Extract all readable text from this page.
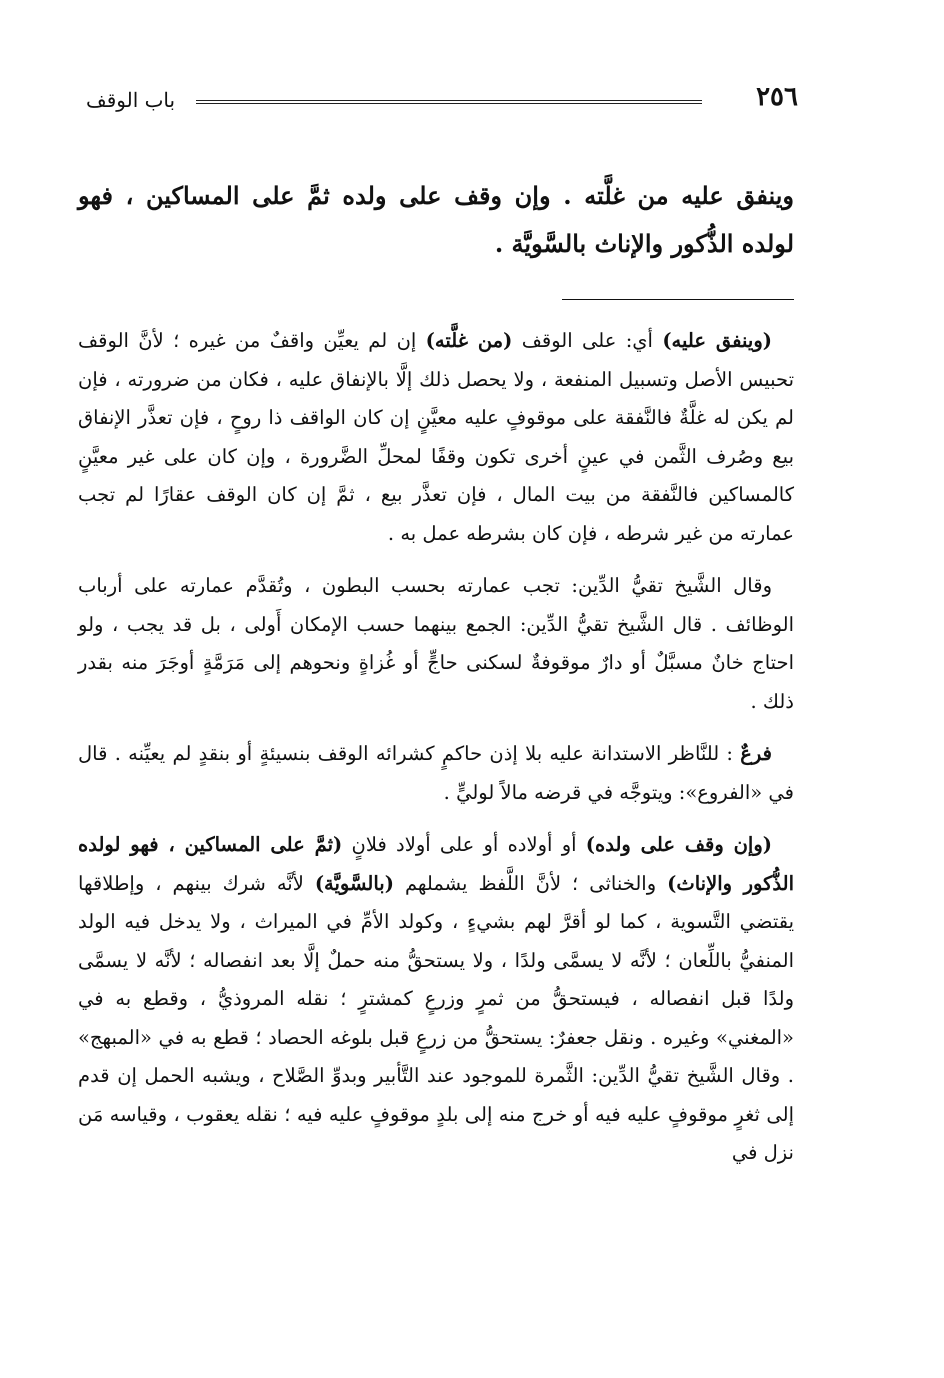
٢٥٦
باب الوقف
وينفق عليه من غلَّته . وإن وقف على ولده ثمَّ على المساكين ، فهو لولده الذُّكور والإناث بالسَّويَّة .

(وينفق عليه) أي: على الوقف (من غلَّته) إن لم يعيِّن واقفٌ من غيره ؛ لأنَّ الوقف تحبيس الأصل وتسبيل المنفعة ، ولا يحصل ذلك إلَّا بالإنفاق عليه ، فكان من ضرورته ، فإن لم يكن له غلَّةٌ فالنَّفقة على موقوفٍ عليه معيَّنٍ إن كان الواقف ذا روحٍ ، فإن تعذَّر الإنفاق بيع وصُرف الثَّمن في عينٍ أخرى تكون وقفًا لمحلِّ الضَّرورة ، وإن كان على غير معيَّنٍ كالمساكين فالنَّفقة من بيت المال ، فإن تعذَّر بيع ، ثمَّ إن كان الوقف عقارًا لم تجب عمارته من غير شرطه ، فإن كان بشرطه عمل به .

وقال الشَّيخ تقيُّ الدِّين: تجب عمارته بحسب البطون ، وتُقدَّم عمارته على أرباب الوظائف . قال الشَّيخ تقيُّ الدِّين: الجمع بينهما حسب الإمكان أَولى ، بل قد يجب ، ولو احتاج خانٌ مسبَّلٌ أو دارٌ موقوفةٌ لسكنى حاجٍّ أو غُزاةٍ ونحوهم إلى مَرَمَّةٍ أوجَرَ منه بقدر ذلك .

فرعٌ : للنَّاظر الاستدانة عليه بلا إذن حاكمٍ كشرائه الوقف بنسيئةٍ أو بنقدٍ لم يعيِّنه . قال في «الفروع»: ويتوجَّه في قرضه مالاً لوليٍّ .

(وإن وقف على ولده) أو أولاده أو على أولاد فلانٍ (ثمَّ على المساكين ، فهو لولده الذُّكور والإناث) والخناثى ؛ لأنَّ اللَّفظ يشملهم (بالسَّويَّة) لأنَّه شرك بينهم ، وإطلاقها يقتضي التَّسوية ، كما لو أقرَّ لهم بشيءٍ ، وكولد الأمِّ في الميراث ، ولا يدخل فيه الولد المنفيُّ باللِّعان ؛ لأنَّه لا يسمَّى ولدًا ، ولا يستحقُّ منه حملٌ إلَّا بعد انفصاله ؛ لأنَّه لا يسمَّى ولدًا قبل انفصاله ، فيستحقُّ من ثمرٍ وزرعٍ كمشترٍ ؛ نقله المروذيُّ ، وقطع به في «المغني» وغيره . ونقل جعفرٌ: يستحقُّ من زرعٍ قبل بلوغه الحصاد ؛ قطع به في «المبهج» . وقال الشَّيخ تقيُّ الدِّين: الثَّمرة للموجود عند التَّأبير وبدوِّ الصَّلاح ، ويشبه الحمل إن قدم إلى ثغرٍ موقوفٍ عليه فيه أو خرج منه إلى بلدٍ موقوفٍ عليه فيه ؛ نقله يعقوب ، وقياسه مَن نزل في
